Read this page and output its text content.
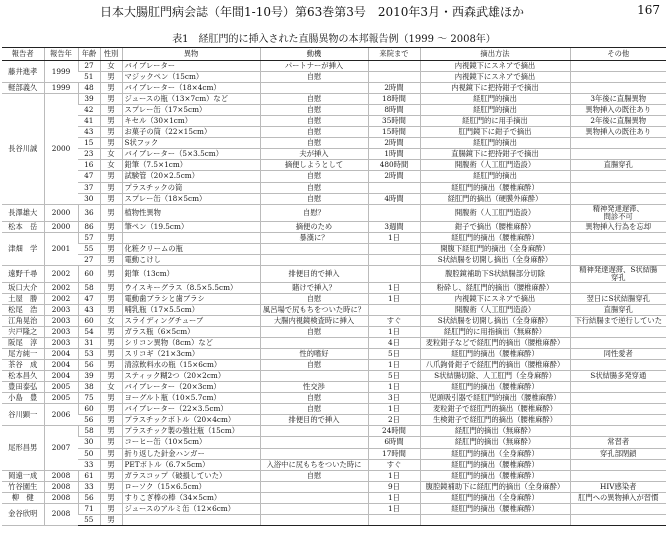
日本大腸肛門病会誌（年間1-10号）第63巻第3号　2010年3月・西森武雄ほか	167
表1　経肛門的に挿入された直腸異物の本邦報告例（1999 ～ 2008年）
報告者	報告年	年齢	性別	異物	動機	来院まで	摘出方法	その他
藤井進孝	1999	27	女	バイブレーター	パートナーが挿入		内視鏡下にスネアで摘出	
		51	男	マジックペン（15cm）	自慰		内視鏡下にスネアで摘出	
軽部義久	1999	48	男	バイブレーター（18×4cm）		2時間	内視鏡下に把持鉗子で摘出	
長谷川誠	2000	39	男	ジュースの瓶（13×7cm）など	自慰	18時間	経肛門的摘出	3年後に直腸異物
		42	男	スプレー缶（17×5cm）	自慰	8時間	経肛門的摘出	異物挿入の既往あり
		41	男	キセル（30×1cm）	自慰	35時間	経肛門的に用手摘出	2年後に直腸異物
		43	男	お菓子の筒（22×15cm）	自慰	15時間	肛門鏡下に鉗子で摘出	異物挿入の既往あり
		15	男	S状フック	自慰	2時間	経肛門的摘出	
		23	女	バイブレーター（5×3.5cm）	夫が挿入	1時間	直腸鏡下に把持鉗子で摘出	
		16	女	鉛筆（7.5×1cm）	摘便しようとして	480時間	開腹術（人工肛門造設）	直腸穿孔
		47	男	試験管（20×2.5cm）	自慰	2時間	経肛門的摘出	
		37	男	プラスチックの筒	自慰		経肛門的摘出（腰椎麻酔）	
		30	男	スプレー缶（18×5cm）	自慰	4時間	経肛門的摘出（硬膜外麻酔）	
長澤雄大	2000	36	男	植物性異物	自慰？		開腹術（人工肛門造設）	精神発達遅滞、
問診不可
松本　岳	2000	86	男	筆ペン（19.5cm）	摘便のため	3週間	鉗子で摘出（腰椎麻酔）	異物挿入行為を忘却
津畑　学	2001	57	男		暴漢に？	1日	経肛門的摘出（腰椎麻酔）	
		55	男	化粧クリームの瓶			開腹下経肛門的摘出（全身麻酔）	
		27	男	電動こけし			S状結腸を切開し摘出（全身麻酔）	
遠野千尋	2002	60	男	鉛筆（13cm）	排便目的で挿入		腹腔鏡補助下S状結腸部分切除	精神発達遅滞、S状結腸
穿孔
坂口大介	2002	58	男	ウイスキーグラス（8.5×5.5cm）	賭けで挿入？	1日	粉砕し、経肛門的摘出（腰椎麻酔）	
土屋　勝	2002	47	男	電動歯ブラシと歯ブラシ	自慰	1日	内視鏡下にスネアで摘出	翌日にS状結腸穿孔
松尾　浩	2003	43	男	哺乳瓶（17×5.5cm）	風呂場で尻もちをついた時に？		開腹術（人工肛門造設）	直腸穿孔
江角晃治	2003	60	女	スライディングチューブ	大腸内視鏡検査時に挿入	すぐ	S状結腸を切開し摘出（全身麻酔）	下行結腸まで逆行していた
宍戸隆之	2003	54	男	ガラス瓶（6×5cm）	自慰	1日	経肛門的に用指摘出（無麻酔）	
阪尾　淳	2003	31	男	シリコン異物（8cm）など		4日	麦粒鉗子などで経肛門的摘出（腰椎麻酔）	
尾方純一	2004	53	男	スリコギ（21×3cm）	性的嗜好	5日	経肛門的摘出（腰椎麻酔）	同性愛者
茶谷　成	2004	56	男	清涼飲料水の瓶（15×6cm）	自慰	1日	八爪鉤骨鉗子で経肛門的摘出（腰椎麻酔）	
松本昌久	2004	39	男	スティック糊2つ（20×2cm）		5日	S状結腸切除、人工肛門（全身麻酔）	S状結腸多発穿通
豊田泰弘	2005	38	女	バイブレーター（20×3cm）	性交渉	1日	経肛門的摘出（腰椎麻酔）	
小島　豊	2005	75	男	ヨーグルト瓶（10×5.7cm）	自慰	3日	児頭吸引器で経肛門的摘出（腰椎麻酔）	
谷川顕一	2006	60	男	バイブレーター（22×3.5cm）	自慰	1日	麦粒鉗子で経肛門的摘出（腰椎麻酔）	
		56	男	プラスチックボトル（20×4cm）	排便目的で挿入	2日	生検鉗子で経肛門的摘出（腰椎麻酔）	
尾形昌男	2007	58	男	プラスチック製の強壮瓶（15cm）		24時間	経肛門的摘出（無麻酔）	
		30	男	コーヒー缶（10×5cm）		6時間	経肛門的摘出（無麻酔）	常習者
		50	男	折り返した針金ハンガー		17時間	経肛門的摘出（全身麻酔）	穿孔部閉鎖
		33	男	PETボトル（6.7×5cm）	入浴中に尻もちをついた時に	すぐ	経肛門的摘出（腰椎麻酔）	
岡遠一成	2008	61	男	ガラスコップ（破損していた）	自慰	1日	経肛門的摘出（腰椎麻酔）	
竹谷園生	2008	33	男	ローソク（15×6.5cm）		9日	腹腔鏡補助下に経肛門的摘出（全身麻酔）	HIV感染者
柳　健	2008	56	男	すりこぎ棒の棒（34×5cm）		1日	経肛門的摘出（全身麻酔）	肛門への異物挿入が習慣
金谷欣明	2008	71	男	ジュースのアルミ缶（12×6cm）		1日	経肛門的摘出（腰椎麻酔）	
		55	男					
